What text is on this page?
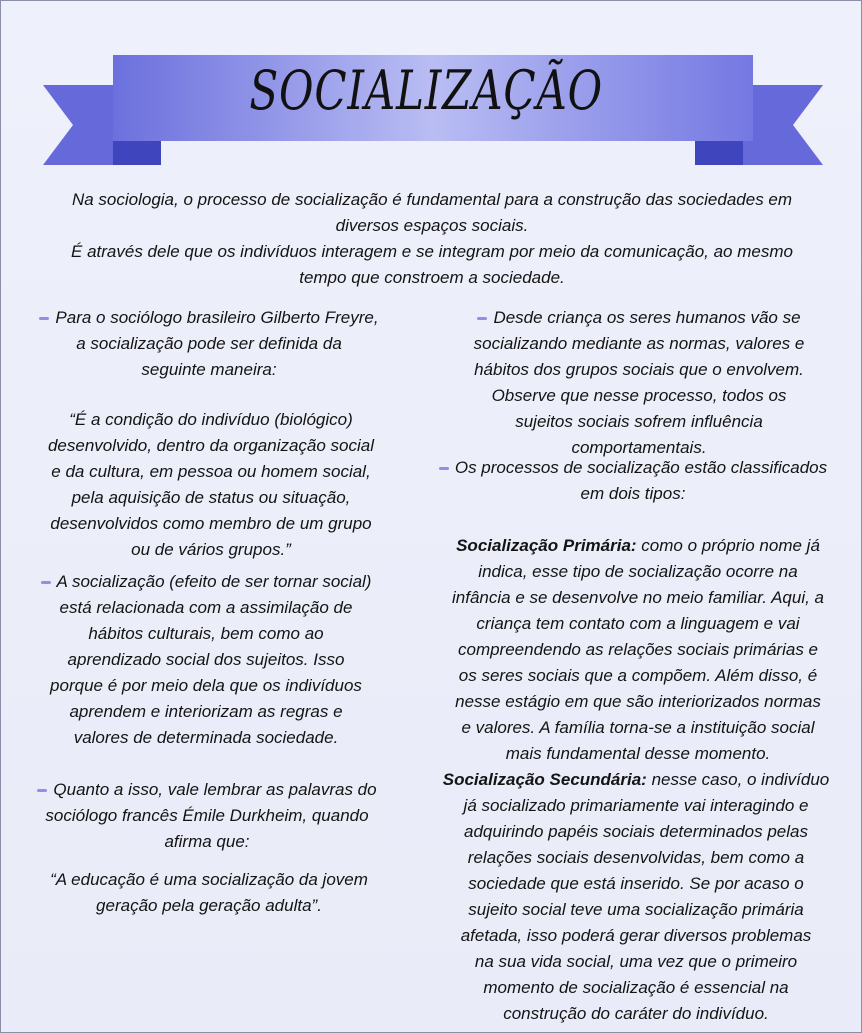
SOCIALIZAÇÃO
Na sociologia, o processo de socialização é fundamental para a construção das sociedades em
diversos espaços sociais.
É através dele que os indivíduos interagem e se integram por meio da comunicação, ao mesmo
tempo que constroem a sociedade.
Para o sociólogo brasileiro Gilberto Freyre,
a socialização pode ser definida da
seguinte maneira:
“É a condição do indivíduo (biológico)
desenvolvido, dentro da organização social
e da cultura, em pessoa ou homem social,
pela aquisição de status ou situação,
desenvolvidos como membro de um grupo
ou de vários grupos.”
A socialização (efeito de ser tornar social)
está relacionada com a assimilação de
hábitos culturais, bem como ao
aprendizado social dos sujeitos. Isso
porque é por meio dela que os indivíduos
aprendem e interiorizam as regras e
valores de determinada sociedade.
Quanto a isso, vale lembrar as palavras do
sociólogo francês Émile Durkheim, quando
afirma que:
“A educação é uma socialização da jovem
geração pela geração adulta”.
Desde criança os seres humanos vão se
socializando mediante as normas, valores e
hábitos dos grupos sociais que o envolvem.
Observe que nesse processo, todos os
sujeitos sociais sofrem influência
comportamentais.
Os processos de socialização estão classificados
em dois tipos:
Socialização Primária: como o próprio nome já
indica, esse tipo de socialização ocorre na
infância e se desenvolve no meio familiar. Aqui, a
criança tem contato com a linguagem e vai
compreendendo as relações sociais primárias e
os seres sociais que a compõem. Além disso, é
nesse estágio em que são interiorizados normas
e valores. A família torna-se a instituição social
mais fundamental desse momento.
Socialização Secundária: nesse caso, o indivíduo
já socializado primariamente vai interagindo e
adquirindo papéis sociais determinados pelas
relações sociais desenvolvidas, bem como a
sociedade que está inserido. Se por acaso o
sujeito social teve uma socialização primária
afetada, isso poderá gerar diversos problemas
na sua vida social, uma vez que o primeiro
momento de socialização é essencial na
construção do caráter do indivíduo.
